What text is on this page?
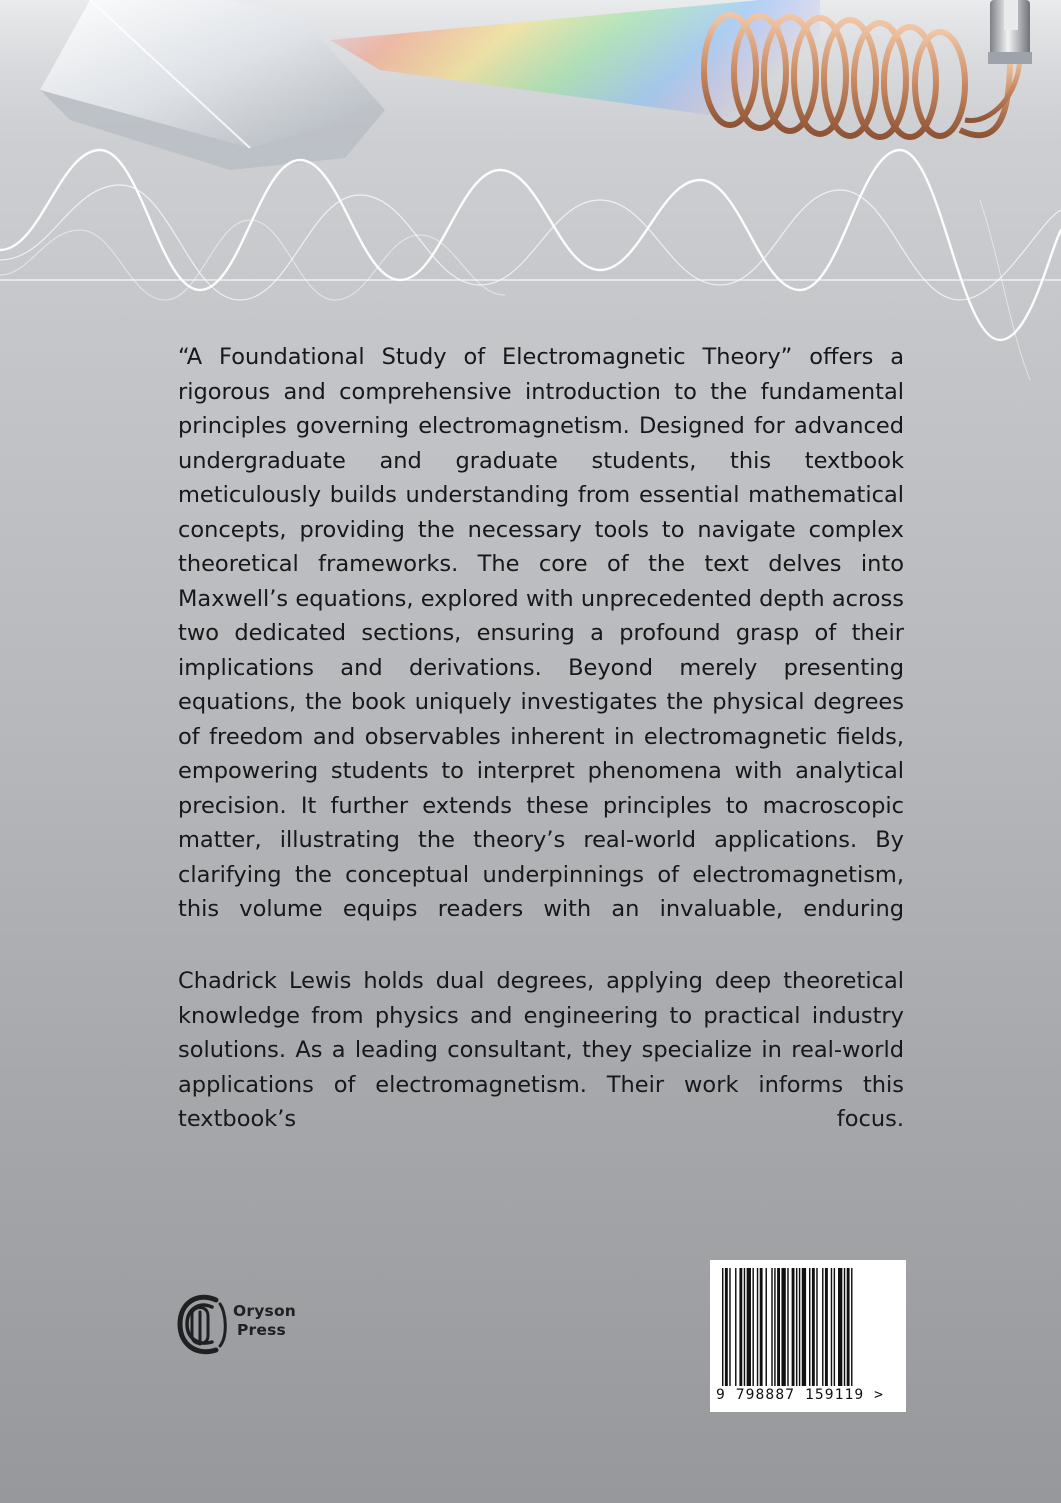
“A Foundational Study of Electromagnetic Theory” offers a rigorous and comprehensive introduction to the fundamental principles governing electromagnetism. Designed for advanced undergraduate and graduate students, this textbook meticulously builds understanding from essential mathematical concepts, providing the necessary tools to navigate complex theoretical frameworks. The core of the text delves into Maxwell’s equations, explored with unprecedented depth across two dedicated sections, ensuring a profound grasp of their implications and derivations. Beyond merely presenting equations, the book uniquely investigates the physical degrees of freedom and observables inherent in electromagnetic fields, empowering students to interpret phenomena with analytical precision. It further extends these principles to macroscopic matter, illustrating the theory’s real-world applications. By clarifying the conceptual underpinnings of electromagnetism, this volume equips readers with an invaluable, enduring

Chadrick Lewis holds dual degrees, applying deep theoretical knowledge from physics and engineering to practical industry solutions. As a leading consultant, they specialize in real-world applications of electromagnetism. Their work informs this textbook’s focus.

Oryson
Press
9 798887 159119 >
